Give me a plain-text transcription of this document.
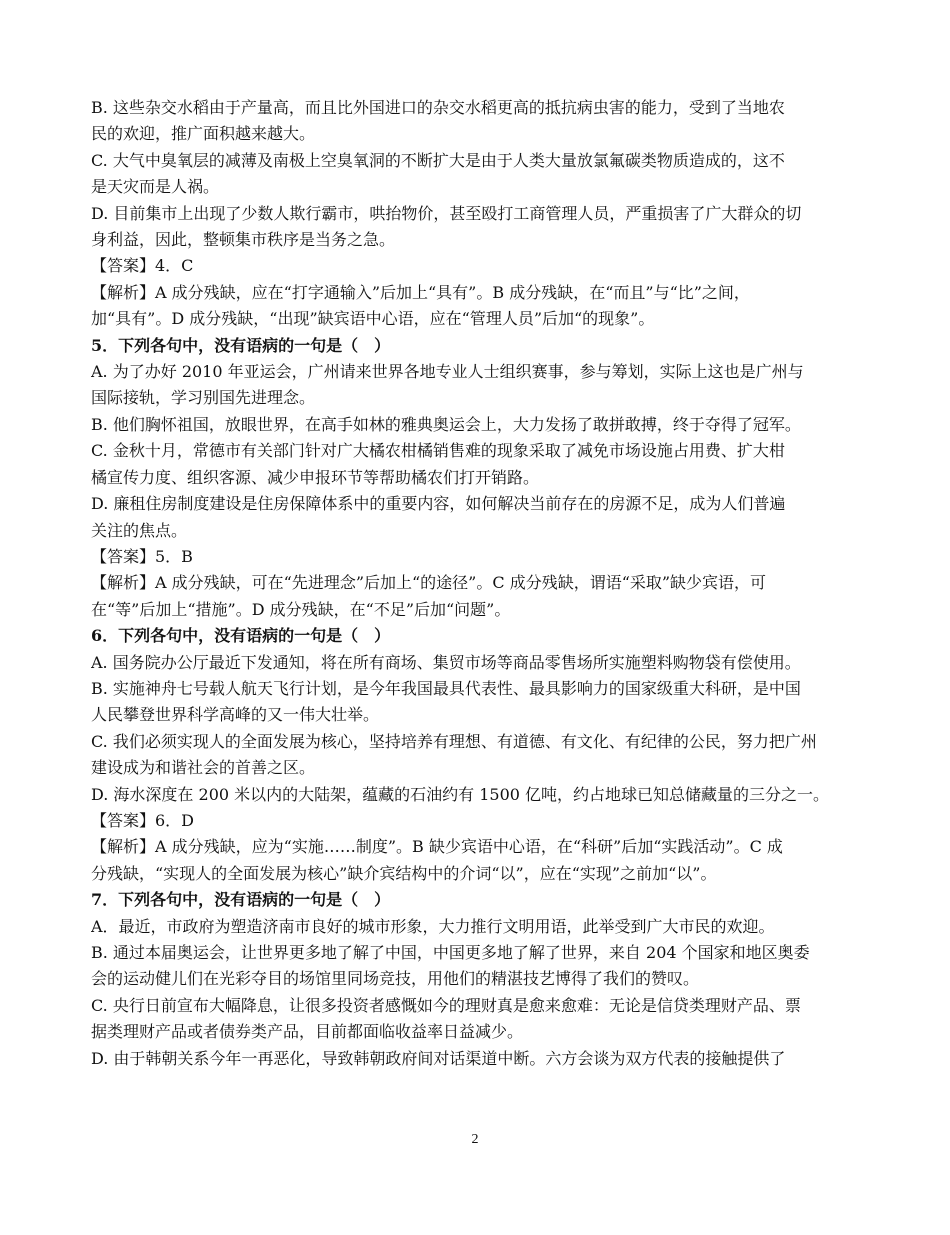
B. 这些杂交水稻由于产量高，而且比外国进口的杂交水稻更高的抵抗病虫害的能力，受到了当地农
民的欢迎，推广面积越来越大。
C. 大气中臭氧层的减薄及南极上空臭氧洞的不断扩大是由于人类大量放氯氟碳类物质造成的，这不
是天灾而是人祸。
D. 目前集市上出现了少数人欺行霸市，哄抬物价，甚至殴打工商管理人员，严重损害了广大群众的切
身利益，因此，整顿集市秩序是当务之急。
【答案】4．C
【解析】A 成分残缺，应在“打字通输入”后加上“具有”。B 成分残缺，在“而且”与“比”之间，
加“具有”。D 成分残缺，“出现”缺宾语中心语，应在“管理人员”后加“的现象”。
5．下列各句中，没有语病的一句是（　）
A. 为了办好 2010 年亚运会，广州请来世界各地专业人士组织赛事，参与筹划，实际上这也是广州与
国际接轨，学习别国先进理念。
B. 他们胸怀祖国，放眼世界，在高手如林的雅典奥运会上，大力发扬了敢拼敢搏，终于夺得了冠军。
C. 金秋十月，常德市有关部门针对广大橘农柑橘销售难的现象采取了减免市场设施占用费、扩大柑
橘宣传力度、组织客源、减少申报环节等帮助橘农们打开销路。
D. 廉租住房制度建设是住房保障体系中的重要内容，如何解决当前存在的房源不足，成为人们普遍
关注的焦点。
【答案】5．B
【解析】A 成分残缺，可在“先进理念”后加上“的途径”。C 成分残缺，谓语“采取”缺少宾语，可
在“等”后加上“措施”。D 成分残缺，在“不足”后加“问题”。
6．下列各句中，没有语病的一句是（　）
A. 国务院办公厅最近下发通知，将在所有商场、集贸市场等商品零售场所实施塑料购物袋有偿使用。
B. 实施神舟七号载人航天飞行计划，是今年我国最具代表性、最具影响力的国家级重大科研，是中国
人民攀登世界科学高峰的又一伟大壮举。
C. 我们必须实现人的全面发展为核心，坚持培养有理想、有道德、有文化、有纪律的公民，努力把广州
建设成为和谐社会的首善之区。
D. 海水深度在 200 米以内的大陆架，蕴藏的石油约有 1500 亿吨，约占地球已知总储藏量的三分之一。
【答案】6．D
【解析】A 成分残缺，应为“实施……制度”。B 缺少宾语中心语，在“科研”后加“实践活动”。C 成
分残缺，“实现人的全面发展为核心”缺介宾结构中的介词“以”，应在“实现”之前加“以”。
7．下列各句中，没有语病的一句是（　）
A．最近，市政府为塑造济南市良好的城市形象，大力推行文明用语，此举受到广大市民的欢迎。
B. 通过本届奥运会，让世界更多地了解了中国，中国更多地了解了世界，来自 204 个国家和地区奥委
会的运动健儿们在光彩夺目的场馆里同场竞技，用他们的精湛技艺博得了我们的赞叹。
C. 央行日前宣布大幅降息，让很多投资者感慨如今的理财真是愈来愈难：无论是信贷类理财产品、票
据类理财产品或者债券类产品，目前都面临收益率日益减少。
D. 由于韩朝关系今年一再恶化，导致韩朝政府间对话渠道中断。六方会谈为双方代表的接触提供了
2
